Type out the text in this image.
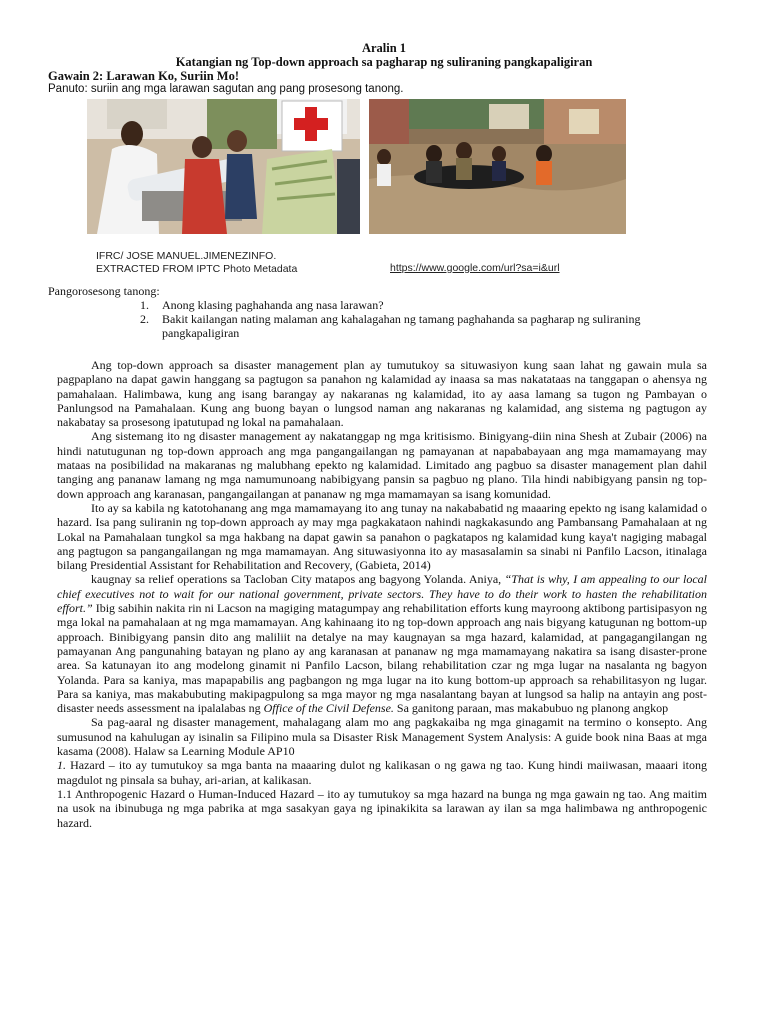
Aralin 1
Katangian ng Top-down approach sa pagharap ng suliraning pangkapaligiran
Gawain 2: Larawan Ko, Suriin Mo!
Panuto: suriin ang mga larawan sagutan ang pang prosesong tanong.
IFRC/ JOSE MANUEL.JIMENEZINFO.
EXTRACTED FROM IPTC Photo Metadata	https://www.google.com/url?sa=i&url
Pangorosesong tanong:
1. Anong klasing paghahanda ang nasa larawan?
2. Bakit kailangan nating malaman ang kahalagahan ng tamang paghahanda sa pagharap ng suliraning pangkapaligiran

Ang top-down approach sa disaster management plan ay tumutukoy sa situwasiyon kung saan lahat ng gawain mula sa pagpaplano na dapat gawin hanggang sa pagtugon sa panahon ng kalamidad ay inaasa sa mas nakatataas na tanggapan o ahensya ng pamahalaan. Halimbawa, kung ang isang barangay ay nakaranas ng kalamidad, ito ay aasa lamang sa tugon ng Pambayan o Panlungsod na Pamahalaan. Kung ang buong bayan o lungsod naman ang nakaranas ng kalamidad, ang sistema ng pagtugon ay nakabatay sa prosesong ipatutupad ng lokal na pamahalaan.

Ang sistemang ito ng disaster management ay nakatanggap ng mga kritisismo. Binigyang-diin nina Shesh at Zubair (2006) na hindi natutugunan ng top-down approach ang mga pangangailangan ng pamayanan at napababayaan ang mga mamamayang may mataas na posibilidad na makaranas ng malubhang epekto ng kalamidad. Limitado ang pagbuo sa disaster management plan dahil tanging ang pananaw lamang ng mga namumunoang nabibigyang pansin sa pagbuo ng plano. Tila hindi nabibigyang pansin ng top-down approach ang karanasan, pangangailangan at pananaw ng mga mamamayan sa isang komunidad.

Ito ay sa kabila ng katotohanang ang mga mamamayang ito ang tunay na nakababatid ng maaaring epekto ng isang kalamidad o hazard. Isa pang suliranin ng top-down approach ay may mga pagkakataon nahindi nagkakasundo ang Pambansang Pamahalaan at ng Lokal na Pamahalaan tungkol sa mga hakbang na dapat gawin sa panahon o pagkatapos ng kalamidad kung kaya't nagiging mabagal ang pagtugon sa pangangailangan ng mga mamamayan. Ang situwasiyonna ito ay masasalamin sa sinabi ni Panfilo Lacson, itinalaga bilang Presidential Assistant for Rehabilitation and Recovery, (Gabieta, 2014)

kaugnay sa relief operations sa Tacloban City matapos ang bagyong Yolanda. Aniya, “That is why, I am appealing to our local chief executives not to wait for our national government, private sectors. They have to do their work to hasten the rehabilitation effort.” Ibig sabihin nakita rin ni Lacson na magiging matagumpay ang rehabilitation efforts kung mayroong aktibong partisipasyon ng mga lokal na pamahalaan at ng mga mamamayan. Ang kahinaang ito ng top-down approach ang nais bigyang katugunan ng bottom-up approach. Binibigyang pansin dito ang maliliit na detalye na may kaugnayan sa mga hazard, kalamidad, at pangagangilangan ng pamayanan Ang pangunahing batayan ng plano ay ang karanasan at pananaw ng mga mamamayang nakatira sa isang disaster-prone area. Sa katunayan ito ang modelong ginamit ni Panfilo Lacson, bilang rehabilitation czar ng mga lugar na nasalanta ng bagyon Yolanda. Para sa kaniya, mas mapapabilis ang pagbangon ng mga lugar na ito kung bottom-up approach sa rehabilitasyon ng lugar. Para sa kaniya, mas makabubuting makipagpulong sa mga mayor ng mga nasalantang bayan at lungsod sa halip na antayin ang post-disaster needs assessment na ipalalabas ng Office of the Civil Defense. Sa ganitong paraan, mas makabubuo ng planong angkop

Sa pag-aaral ng disaster management, mahalagang alam mo ang pagkakaiba ng mga ginagamit na termino o konsepto. Ang sumusunod na kahulugan ay isinalin sa Filipino mula sa Disaster Risk Management System Analysis: A guide book nina Baas at mga kasama (2008). Halaw sa Learning Module AP10

1. Hazard – ito ay tumutukoy sa mga banta na maaaring dulot ng kalikasan o ng gawa ng tao. Kung hindi maiiwasan, maaari itong magdulot ng pinsala sa buhay, ari-arian, at kalikasan.

1.1 Anthropogenic Hazard o Human-Induced Hazard – ito ay tumutukoy sa mga hazard na bunga ng mga gawain ng tao. Ang maitim na usok na ibinubuga ng mga pabrika at mga sasakyan gaya ng ipinakikita sa larawan ay ilan sa mga halimbawa ng anthropogenic hazard.
